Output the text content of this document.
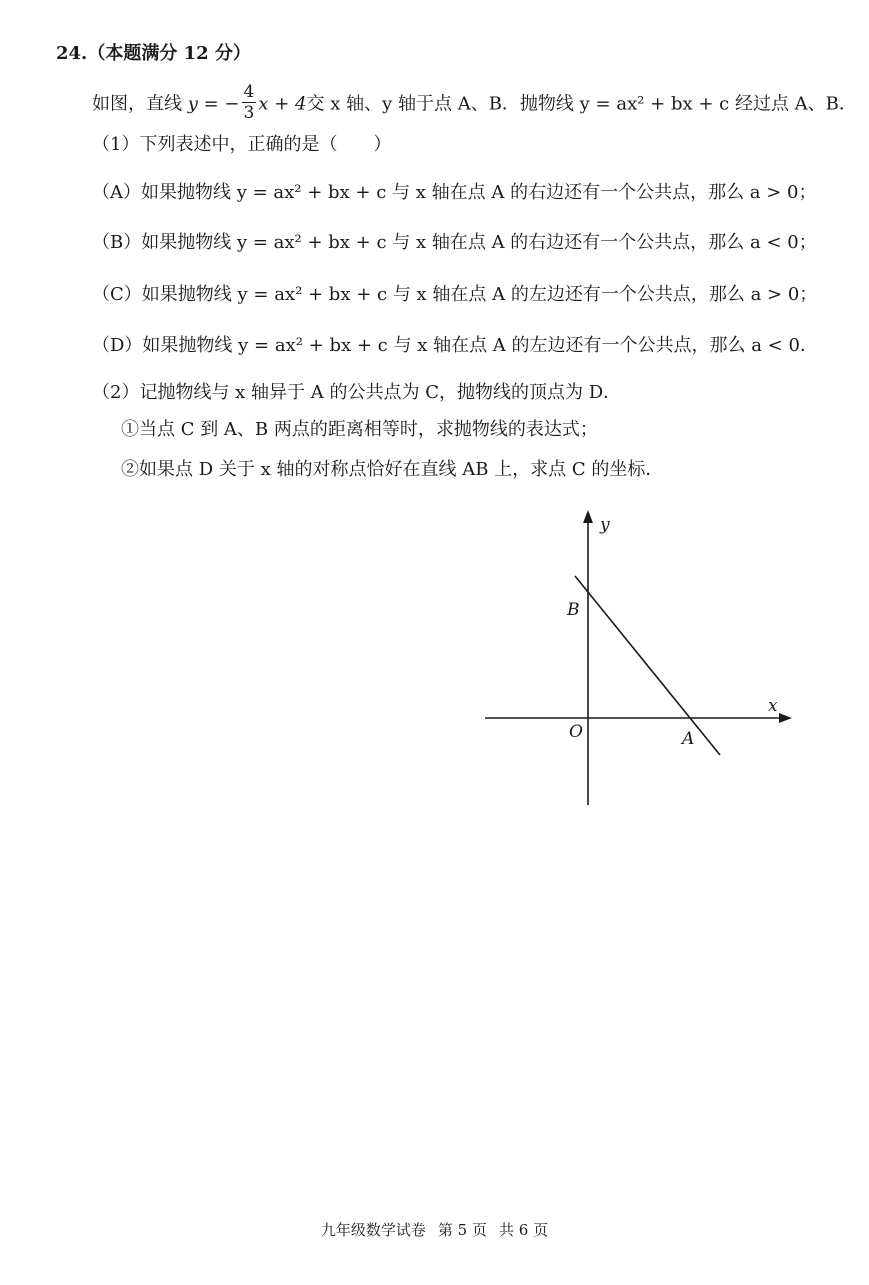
24.（本题满分 12 分）
如图，直线 y = − $\frac{4}{3}$ x + 4交 x 轴、y 轴于点 A、B．抛物线 y = ax² + bx + c 经过点 A、B．
（1）下列表述中，正确的是（　　）
（A）如果抛物线 y = ax² + bx + c 与 x 轴在点 A 的右边还有一个公共点，那么 a > 0；
（B）如果抛物线 y = ax² + bx + c 与 x 轴在点 A 的右边还有一个公共点，那么 a < 0；
（C）如果抛物线 y = ax² + bx + c 与 x 轴在点 A 的左边还有一个公共点，那么 a > 0；
（D）如果抛物线 y = ax² + bx + c 与 x 轴在点 A 的左边还有一个公共点，那么 a < 0．
（2）记抛物线与 x 轴异于 A 的公共点为 C，抛物线的顶点为 D．
①当点 C 到 A、B 两点的距离相等时，求抛物线的表达式；
②如果点 D 关于 x 轴的对称点恰好在直线 AB 上，求点 C 的坐标．
x
y
O	A
B
九年级数学试卷 第 5 页 共 6 页
